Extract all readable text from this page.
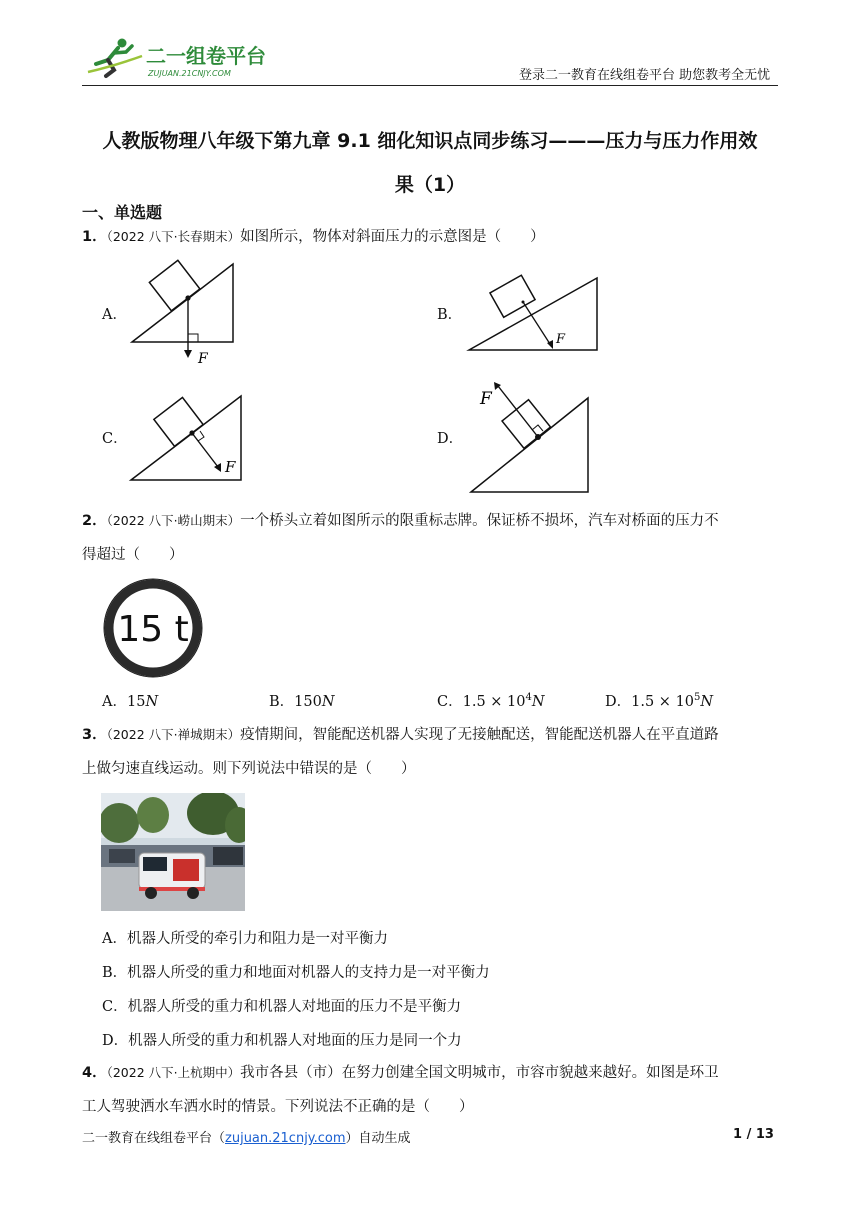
二一组卷平台
ZUJUAN.21CNJY.COM	登录二一教育在线组卷平台 助您教考全无忧
人教版物理八年级下第九章 9.1 细化知识点同步练习———压力与压力作用效
果（1）
一、单选题
1．（2022 八下·长春期末）如图所示，物体对斜面压力的示意图是（　　）
A．
F
B．
F
C．
F
D．
F
2．（2022 八下·崂山期末）一个桥头立着如图所示的限重标志牌。保证桥不损坏，汽车对桥面的压力不
得超过（　　）
15 t
A．15N	B．150N	C．$1.5 \times 10^4N$	D．$1.5 \times 10^5N$
3．（2022 八下·禅城期末）疫情期间，智能配送机器人实现了无接触配送，智能配送机器人在平直道路
上做匀速直线运动。则下列说法中错误的是（　　）
A．机器人所受的牵引力和阻力是一对平衡力
B．机器人所受的重力和地面对机器人的支持力是一对平衡力
C．机器人所受的重力和机器人对地面的压力不是平衡力
D．机器人所受的重力和机器人对地面的压力是同一个力
4．（2022 八下·上杭期中）我市各县（市）在努力创建全国文明城市，市容市貌越来越好。如图是环卫
工人驾驶洒水车洒水时的情景。下列说法不正确的是（　　）
二一教育在线组卷平台（zujuan.21cnjy.com）自动生成	1 / 13
